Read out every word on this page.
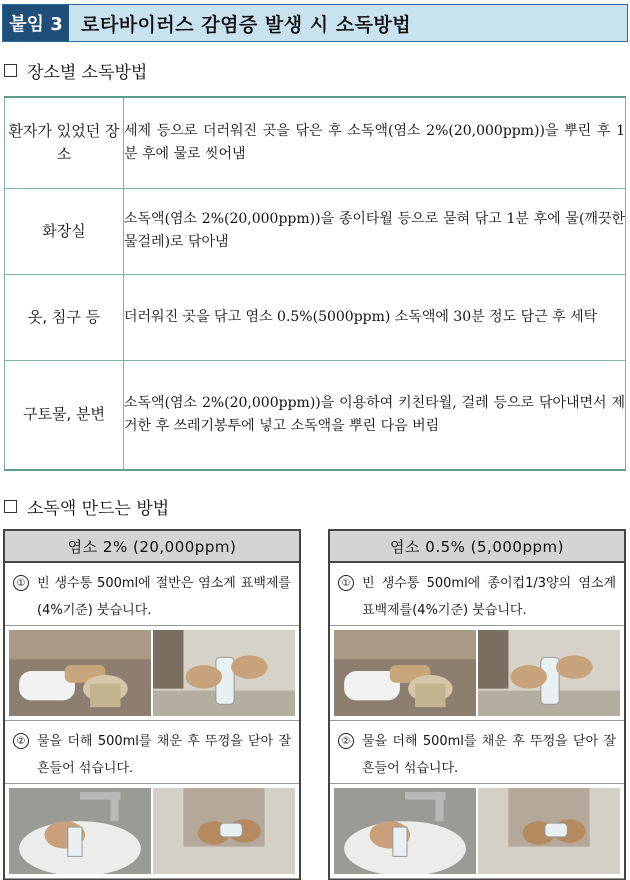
붙임 3 로타바이러스 감염증 발생 시 소독방법
장소별 소독방법
환자가 있었던 장소	세제 등으로 더러워진 곳을 닦은 후 소독액(염소 2%(20,000ppm))을 뿌린 후 1분 후에 물로 씻어냄
화장실	소독액(염소 2%(20,000ppm))을 종이타월 등으로 묻혀 닦고 1분 후에 물(깨끗한 물걸레)로 닦아냄
옷, 침구 등	더러워진 곳을 닦고 염소 0.5%(5000ppm) 소독액에 30분 정도 담근 후 세탁
구토물, 분변	소독액(염소 2%(20,000ppm))을 이용하여 키친타월, 걸레 등으로 닦아내면서 제거한 후 쓰레기봉투에 넣고 소독액을 뿌린 다음 버림
소독액 만드는 방법
염소 2% (20,000ppm)
① 빈 생수통 500ml에 절반은 염소계 표백제를(4%기준) 붓습니다.
② 물을 더해 500ml를 채운 후 뚜껑을 닫아 잘 흔들어 섞습니다.
염소 0.5% (5,000ppm)
① 빈 생수통 500ml에 종이컵1/3양의 염소계 표백제를(4%기준) 붓습니다.
② 물을 더해 500ml를 채운 후 뚜껑을 닫아 잘 흔들어 섞습니다.
